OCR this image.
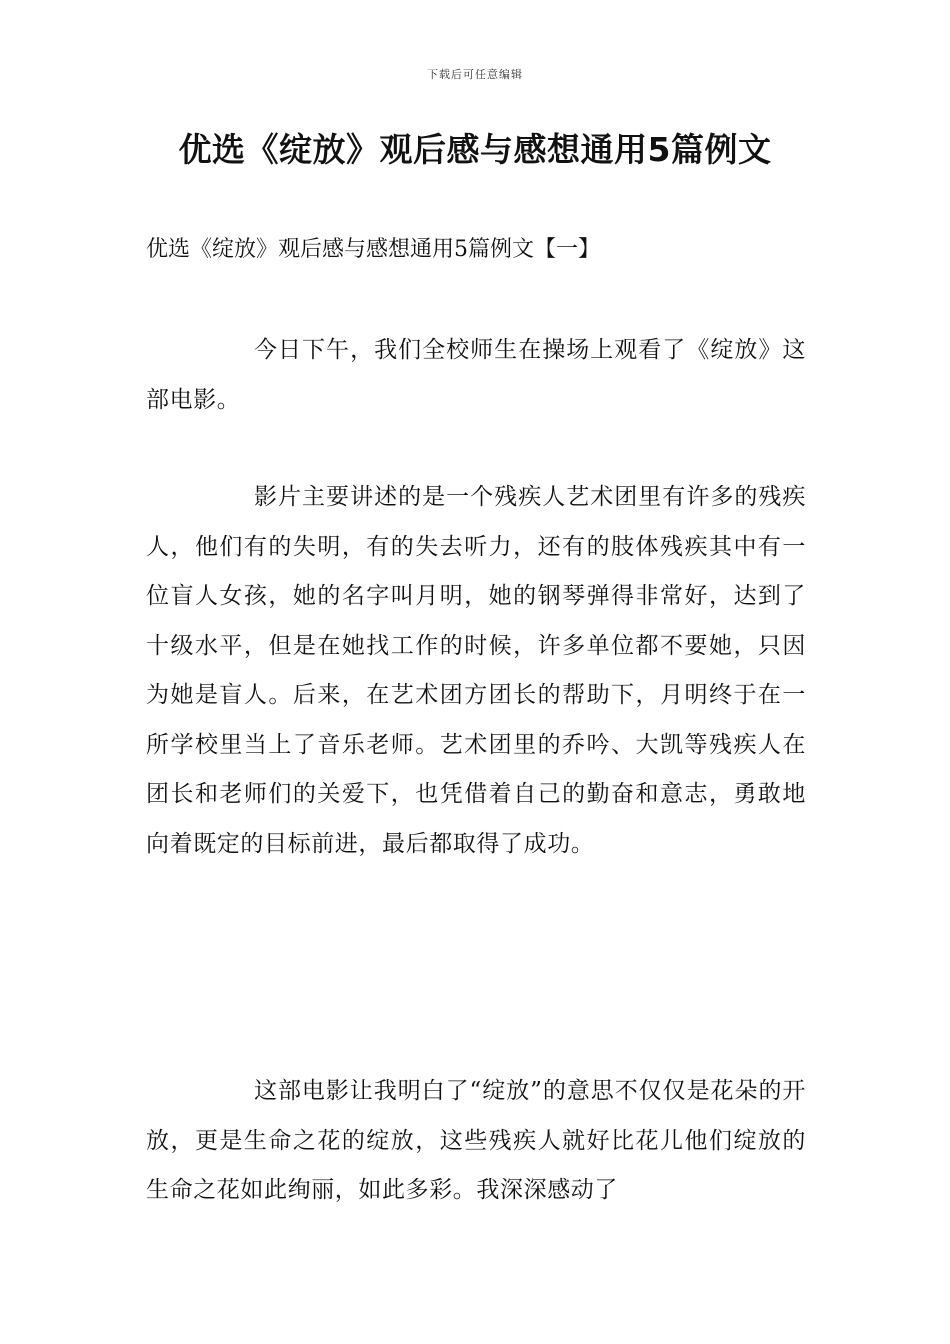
下载后可任意编辑
优选《绽放》观后感与感想通用5篇例文
优选《绽放》观后感与感想通用5篇例文【一】

今日下午，我们全校师生在操场上观看了《绽放》这部电影。

影片主要讲述的是一个残疾人艺术团里有许多的残疾人，他们有的失明，有的失去听力，还有的肢体残疾其中有一位盲人女孩，她的名字叫月明，她的钢琴弹得非常好，达到了十级水平，但是在她找工作的时候，许多单位都不要她，只因为她是盲人。后来，在艺术团方团长的帮助下，月明终于在一所学校里当上了音乐老师。艺术团里的乔吟、大凯等残疾人在团长和老师们的关爱下，也凭借着自己的勤奋和意志，勇敢地向着既定的目标前进，最后都取得了成功。

这部电影让我明白了“绽放”的意思不仅仅是花朵的开放，更是生命之花的绽放，这些残疾人就好比花儿他们绽放的生命之花如此绚丽，如此多彩。我深深感动了
